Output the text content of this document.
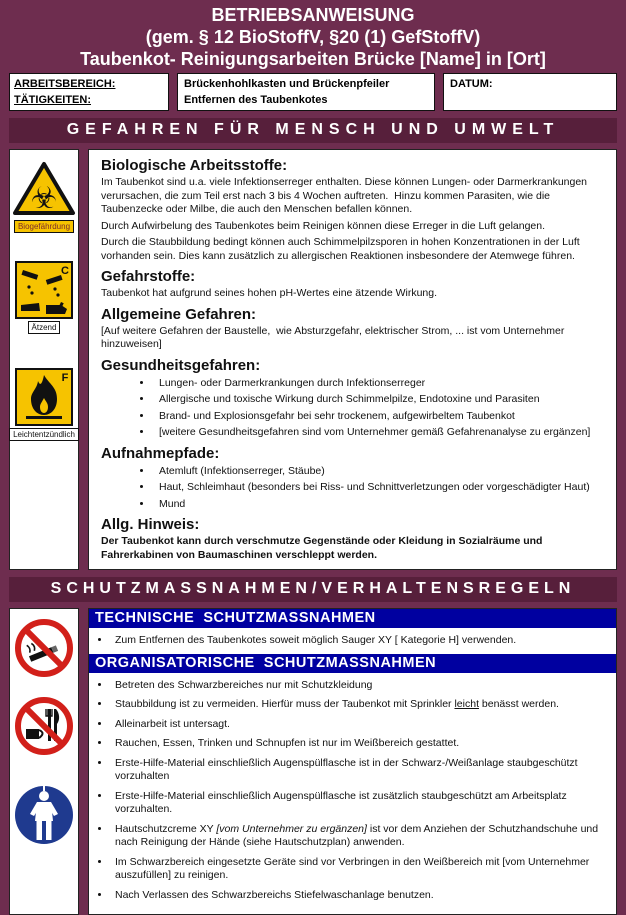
BETRIEBSANWEISUNG
(gem. § 12 BioStoffV, §20 (1) GefStoffV)
Taubenkot- Reinigungsarbeiten Brücke [Name] in [Ort]
ARBEITSBEREICH:
TÄTIGKEITEN:
Brückenhohlkasten und Brückenpfeiler
Entfernen des Taubenkotes
DATUM:
GEFAHREN FÜR MENSCH UND UMWELT
☣
Biogefährdung
C
Ätzend
F
Leichtentzündlich
Biologische Arbeitsstoffe:
Im Taubenkot sind u.a. viele Infektionserreger enthalten. Diese können Lungen- oder Darmerkrankungen verursachen, die zum Teil erst nach 3 bis 4 Wochen auftreten.  Hinzu kommen Parasiten, wie die Taubenzecke oder Milbe, die auch den Menschen befallen können.
Durch Aufwirbelung des Taubenkotes beim Reinigen können diese Erreger in die Luft gelangen.
Durch die Staubbildung bedingt können auch Schimmelpilzsporen in hohen Konzentrationen in der Luft vorhanden sein. Dies kann zusätzlich zu allergischen Reaktionen insbesondere der Atemwege führen.
Gefahrstoffe:
Taubenkot hat aufgrund seines hohen pH-Wertes eine ätzende Wirkung.
Allgemeine Gefahren:
[Auf weitere Gefahren der Baustelle,  wie Absturzgefahr, elektrischer Strom, ... ist vom Unternehmer hinzuweisen]
Gesundheitsgefahren:
• Lungen- oder Darmerkrankungen durch Infektionserreger
• Allergische und toxische Wirkung durch Schimmelpilze, Endotoxine und Parasiten
• Brand- und Explosionsgefahr bei sehr trockenem, aufgewirbeltem Taubenkot
• [weitere Gesundheitsgefahren sind vom Unternehmer gemäß Gefahrenanalyse zu ergänzen]
Aufnahmepfade:
• Atemluft (Infektionserreger, Stäube)
• Haut, Schleimhaut (besonders bei Riss- und Schnittverletzungen oder vorgeschädigter Haut)
• Mund
Allg. Hinweis:
Der Taubenkot kann durch verschmutze Gegenstände oder Kleidung in Sozialräume und Fahrerkabinen von Baumaschinen verschleppt werden.
SCHUTZMASSNAHMEN/VERHALTENSREGELN
TECHNISCHE  SCHUTZMASSNAHMEN
• Zum Entfernen des Taubenkotes soweit möglich Sauger XY [ Kategorie H] verwenden.
ORGANISATORISCHE  SCHUTZMASSNAHMEN
• Betreten des Schwarzbereiches nur mit Schutzkleidung
• Staubbildung ist zu vermeiden. Hierfür muss der Taubenkot mit Sprinkler leicht benässt werden.
• Alleinarbeit ist untersagt.
• Rauchen, Essen, Trinken und Schnupfen ist nur im Weißbereich gestattet.
• Erste-Hilfe-Material einschließlich Augenspülflasche ist in der Schwarz-/Weißanlage staubgeschützt vorzuhalten
• Erste-Hilfe-Material einschließlich Augenspülflasche ist zusätzlich staubgeschützt am Arbeitsplatz vorzuhalten.
• Hautschutzcreme XY [vom Unternehmer zu ergänzen] ist vor dem Anziehen der Schutzhandschuhe und nach Reinigung der Hände (siehe Hautschutzplan) anwenden.
• Im Schwarzbereich eingesetzte Geräte sind vor Verbringen in den Weißbereich mit [vom Unternehmer auszufüllen] zu reinigen.
• Nach Verlassen des Schwarzbereichs Stiefelwaschanlage benutzen.
